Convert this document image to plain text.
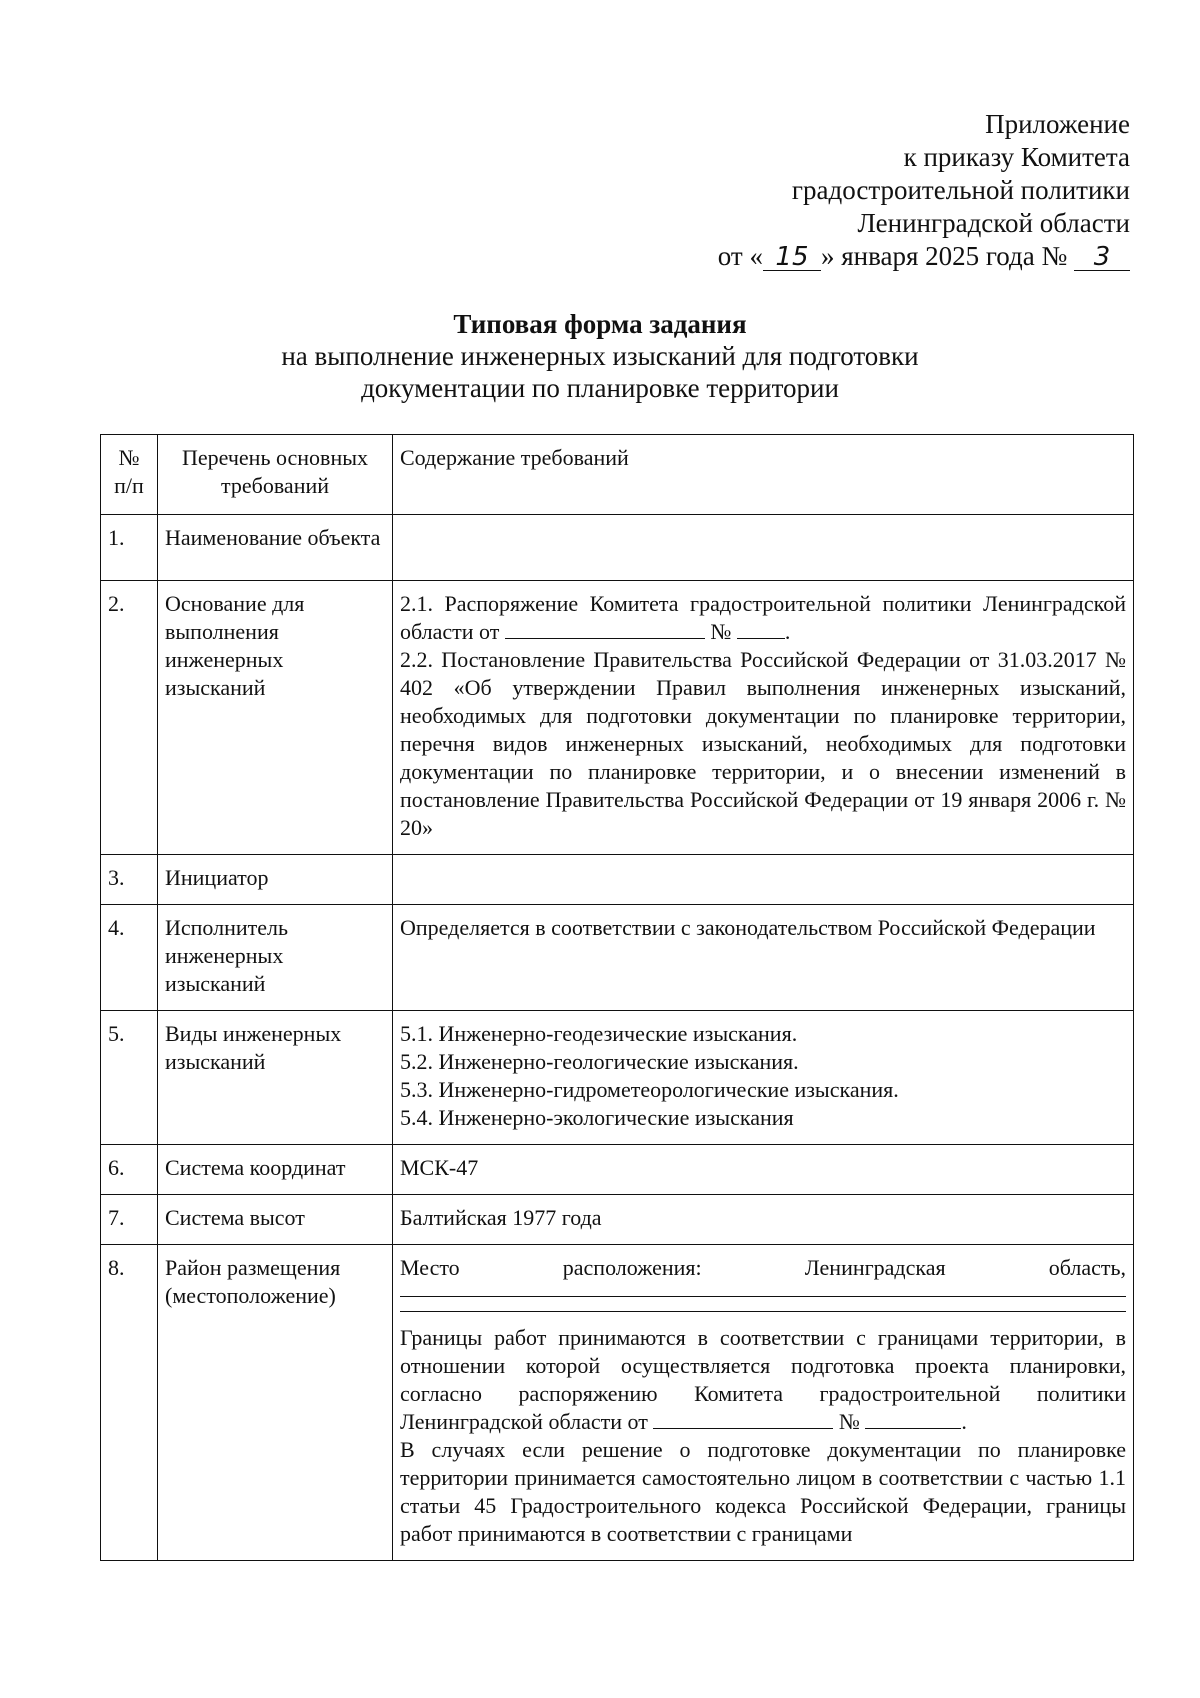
Приложение
к приказу Комитета
градостроительной политики
Ленинградской области
от « 15 » января 2025 года № 3
Типовая форма задания
на выполнение инженерных изысканий для подготовки
документации по планировке территории
№ п/п	Перечень основных требований	Содержание требований
1.	Наименование объекта	
2.	Основание для выполнения инженерных изысканий	2.1. Распоряжение Комитета градостроительной политики Ленинградской области от № .
2.2. Постановление Правительства Российской Федерации от 31.03.2017 № 402 «Об утверждении Правил выполнения инженерных изысканий, необходимых для подготовки документации по планировке территории, перечня видов инженерных изысканий, необходимых для подготовки документации по планировке территории, и о внесении изменений в постановление Правительства Российской Федерации от 19 января 2006 г. № 20»

3.	Инициатор	
4.	Исполнитель инженерных изысканий	Определяется в соответствии с законодательством Российской Федерации
5.	Виды инженерных изысканий	5.1. Инженерно-геодезические изыскания.
5.2. Инженерно-геологические изыскания.
5.3. Инженерно-гидрометеорологические изыскания.
5.4. Инженерно-экологические изыскания

6.	Система координат	МСК-47
7.	Система высот	Балтийская 1977 года
8.	Район размещения (местоположение)	Место расположения: Ленинградская область,
Границы работ принимаются в соответствии с границами территории, в отношении которой осуществляется подготовка проекта планировки, согласно распоряжению Комитета градостроительной политики Ленинградской области от № .
В случаях если решение о подготовке документации по планировке территории принимается самостоятельно лицом в соответствии с частью 1.1 статьи 45 Градостроительного кодекса Российской Федерации, границы работ принимаются в соответствии с границами
